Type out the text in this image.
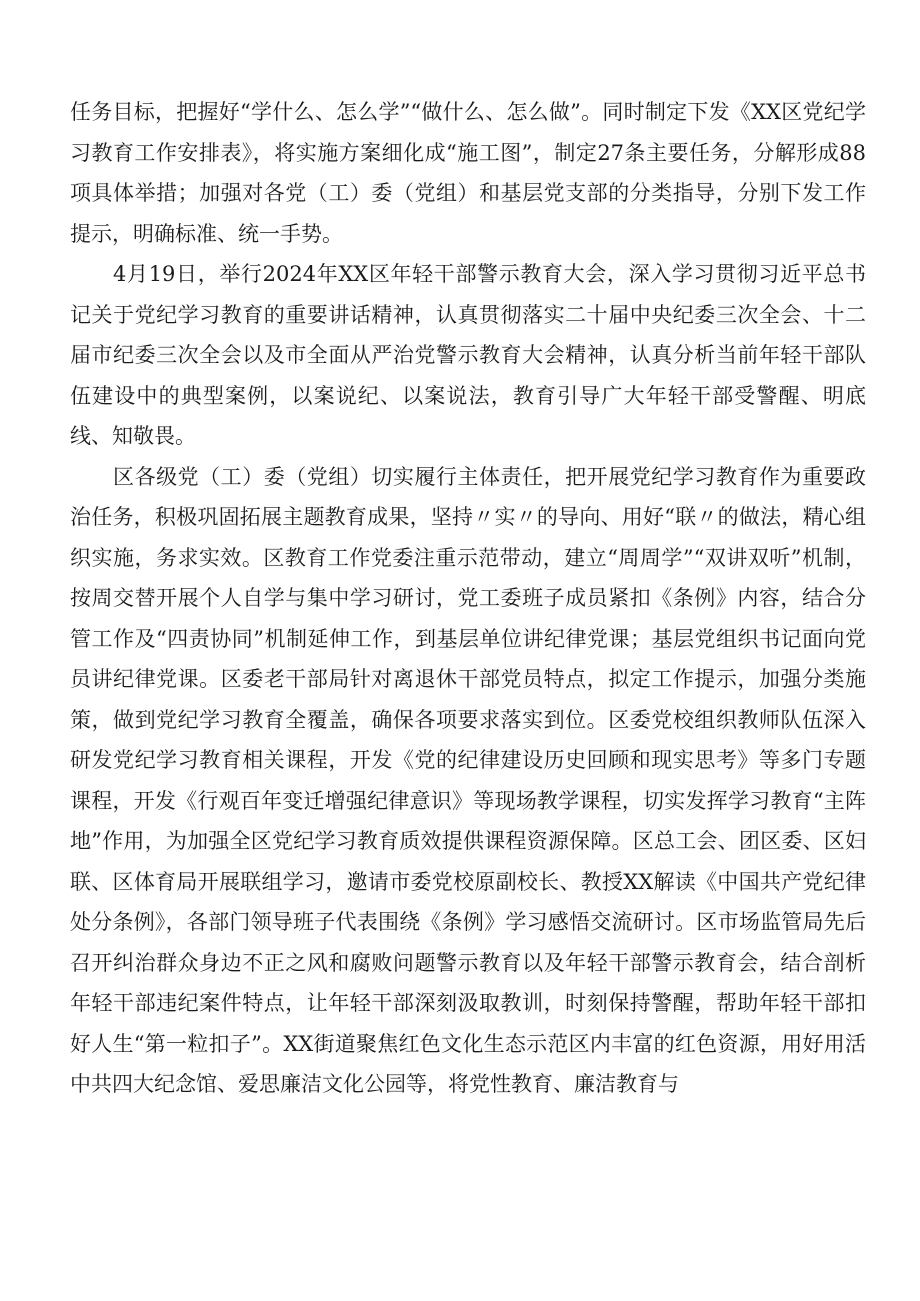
任务目标，把握好“学什么、怎么学”“做什么、怎么做”。同时制定下发《XX区党纪学习教育工作安排表》，将实施方案细化成“施工图”，制定27条主要任务，分解形成88项具体举措；加强对各党（工）委（党组）和基层党支部的分类指导，分别下发工作提示，明确标准、统一手势。

4月19日，举行2024年XX区年轻干部警示教育大会，深入学习贯彻习近平总书记关于党纪学习教育的重要讲话精神，认真贯彻落实二十届中央纪委三次全会、十二届市纪委三次全会以及市全面从严治党警示教育大会精神，认真分析当前年轻干部队伍建设中的典型案例，以案说纪、以案说法，教育引导广大年轻干部受警醒、明底线、知敬畏。

区各级党（工）委（党组）切实履行主体责任，把开展党纪学习教育作为重要政治任务，积极巩固拓展主题教育成果，坚持〃实〃的导向、用好“联〃的做法，精心组织实施，务求实效。区教育工作党委注重示范带动，建立“周周学”“双讲双听”机制，按周交替开展个人自学与集中学习研讨，党工委班子成员紧扣《条例》内容，结合分管工作及“四责协同”机制延伸工作，到基层单位讲纪律党课；基层党组织书记面向党员讲纪律党课。区委老干部局针对离退休干部党员特点，拟定工作提示，加强分类施策，做到党纪学习教育全覆盖，确保各项要求落实到位。区委党校组织教师队伍深入研发党纪学习教育相关课程，开发《党的纪律建设历史回顾和现实思考》等多门专题课程，开发《行观百年变迁增强纪律意识》等现场教学课程，切实发挥学习教育“主阵地”作用，为加强全区党纪学习教育质效提供课程资源保障。区总工会、团区委、区妇联、区体育局开展联组学习，邀请市委党校原副校长、教授XX解读《中国共产党纪律处分条例》，各部门领导班子代表围绕《条例》学习感悟交流研讨。区市场监管局先后召开纠治群众身边不正之风和腐败问题警示教育以及年轻干部警示教育会，结合剖析年轻干部违纪案件特点，让年轻干部深刻汲取教训，时刻保持警醒，帮助年轻干部扣好人生“第一粒扣子”。XX街道聚焦红色文化生态示范区内丰富的红色资源，用好用活中共四大纪念馆、爱思廉洁文化公园等，将党性教育、廉洁教育与
